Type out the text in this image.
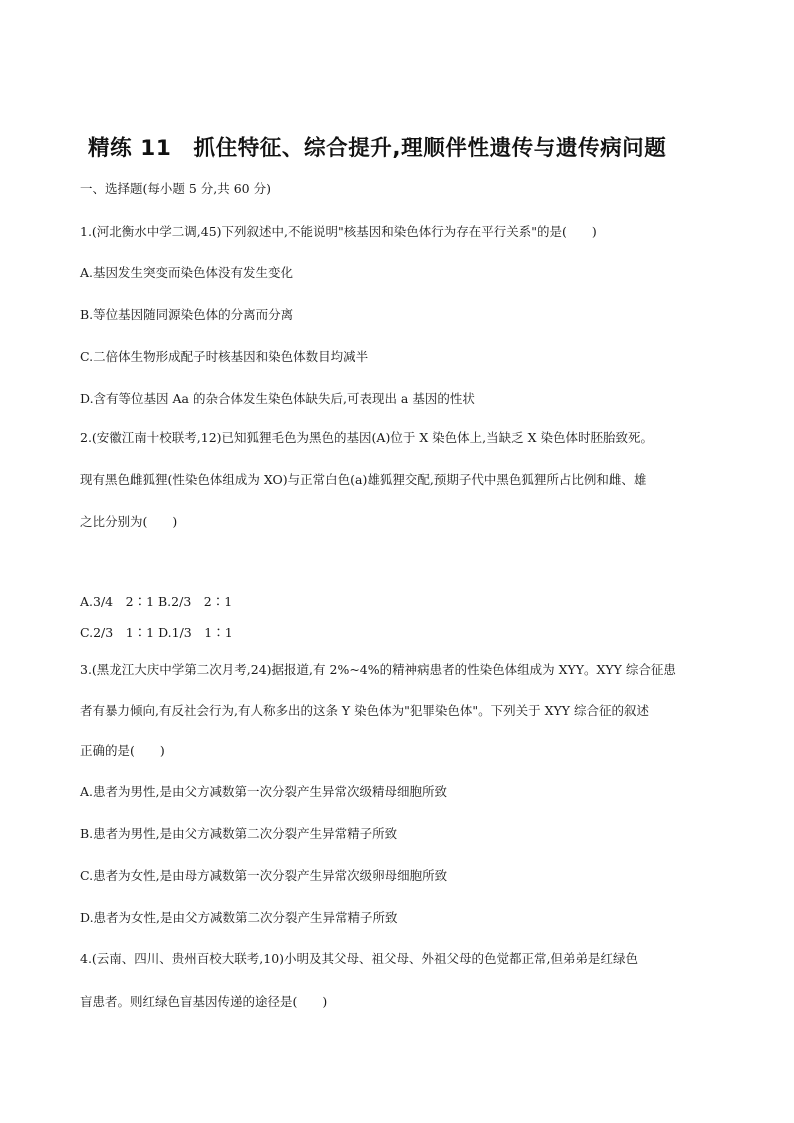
精练 11　抓住特征、综合提升,理顺伴性遗传与遗传病问题
一、选择题(每小题 5 分,共 60 分)
1.(河北衡水中学二调,45)下列叙述中,不能说明"核基因和染色体行为存在平行关系"的是(　　)
A.基因发生突变而染色体没有发生变化
B.等位基因随同源染色体的分离而分离
C.二倍体生物形成配子时核基因和染色体数目均减半
D.含有等位基因 Aa 的杂合体发生染色体缺失后,可表现出 a 基因的性状
2.(安徽江南十校联考,12)已知狐狸毛色为黑色的基因(A)位于 X 染色体上,当缺乏 X 染色体时胚胎致死。
现有黑色雌狐狸(性染色体组成为 XO)与正常白色(a)雄狐狸交配,预期子代中黑色狐狸所占比例和雌、雄
之比分别为(　　)
A.3/4　2∶1 B.2/3　2∶1
C.2/3　1∶1 D.1/3　1∶1
3.(黑龙江大庆中学第二次月考,24)据报道,有 2%~4%的精神病患者的性染色体组成为 XYY。XYY 综合征患
者有暴力倾向,有反社会行为,有人称多出的这条 Y 染色体为"犯罪染色体"。下列关于 XYY 综合征的叙述
正确的是(　　)
A.患者为男性,是由父方减数第一次分裂产生异常次级精母细胞所致
B.患者为男性,是由父方减数第二次分裂产生异常精子所致
C.患者为女性,是由母方减数第一次分裂产生异常次级卵母细胞所致
D.患者为女性,是由父方减数第二次分裂产生异常精子所致
4.(云南、四川、贵州百校大联考,10)小明及其父母、祖父母、外祖父母的色觉都正常,但弟弟是红绿色
盲患者。则红绿色盲基因传递的途径是(　　)
